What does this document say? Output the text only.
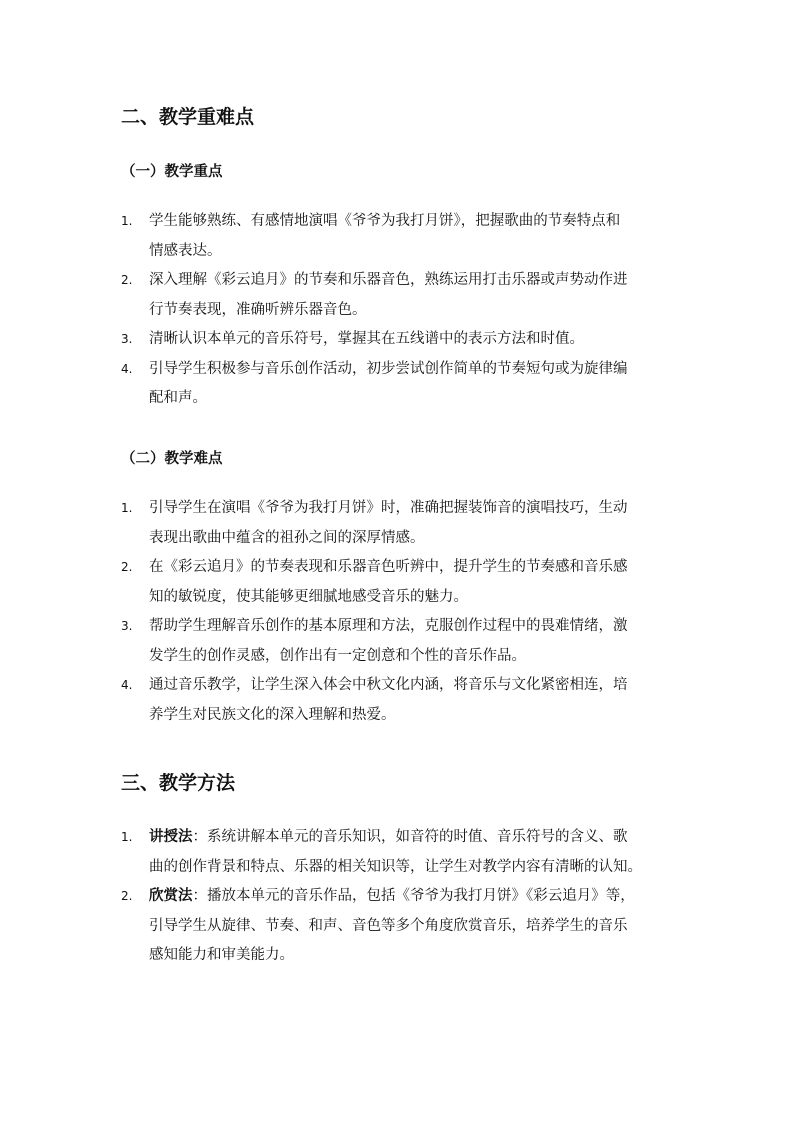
二、教学重难点
（一）教学重点
1. 学生能够熟练、有感情地演唱《爷爷为我打月饼》，把握歌曲的节奏特点和
情感表达。
2. 深入理解《彩云追月》的节奏和乐器音色，熟练运用打击乐器或声势动作进
行节奏表现，准确听辨乐器音色。
3. 清晰认识本单元的音乐符号，掌握其在五线谱中的表示方法和时值。
4. 引导学生积极参与音乐创作活动，初步尝试创作简单的节奏短句或为旋律编
配和声。
（二）教学难点
1. 引导学生在演唱《爷爷为我打月饼》时，准确把握装饰音的演唱技巧，生动
表现出歌曲中蕴含的祖孙之间的深厚情感。
2. 在《彩云追月》的节奏表现和乐器音色听辨中，提升学生的节奏感和音乐感
知的敏锐度，使其能够更细腻地感受音乐的魅力。
3. 帮助学生理解音乐创作的基本原理和方法，克服创作过程中的畏难情绪，激
发学生的创作灵感，创作出有一定创意和个性的音乐作品。
4. 通过音乐教学，让学生深入体会中秋文化内涵，将音乐与文化紧密相连，培
养学生对民族文化的深入理解和热爱。
三、教学方法
1. 讲授法：系统讲解本单元的音乐知识，如音符的时值、音乐符号的含义、歌
曲的创作背景和特点、乐器的相关知识等，让学生对教学内容有清晰的认知。
2. 欣赏法：播放本单元的音乐作品，包括《爷爷为我打月饼》《彩云追月》等，
引导学生从旋律、节奏、和声、音色等多个角度欣赏音乐，培养学生的音乐
感知能力和审美能力。
